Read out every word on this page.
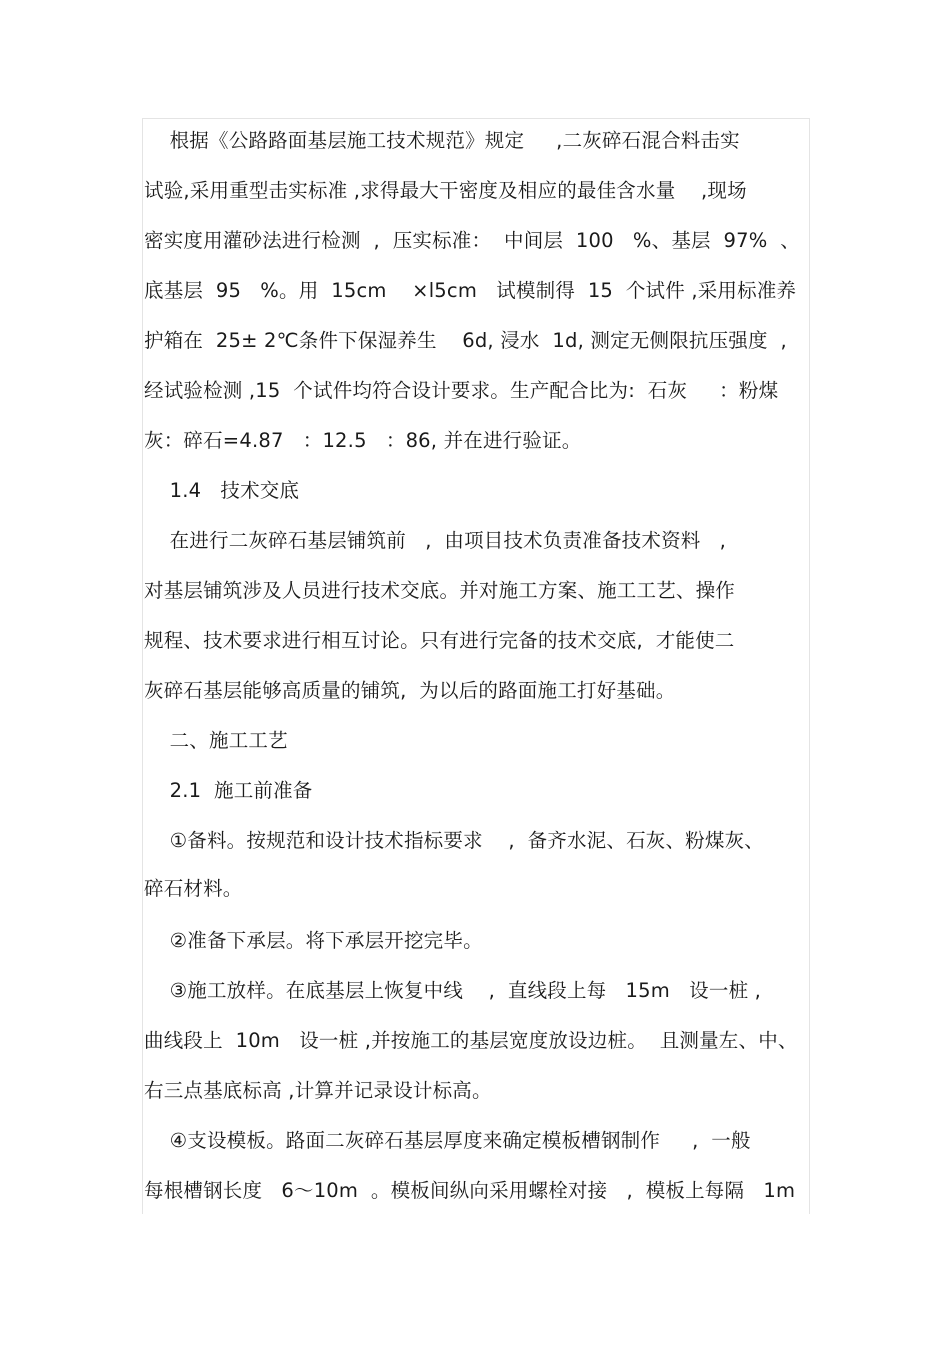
根据《公路路面基层施工技术规范》规定     ,二灰碎石混合料击实
试验,采用重型击实标准 ,求得最大干密度及相应的最佳含水量    ,现场
密实度用灌砂法进行检测  ,  压实标准：  中间层  100   %、基层  97%  、
底基层  95   %。用  15cm    ×l5cm   试模制得  15  个试件 ,采用标准养
护箱在  25± 2℃条件下保湿养生    6d, 浸水  1d, 测定无侧限抗压强度  ,
经试验检测 ,15  个试件均符合设计要求。生产配合比为:  石灰     ：粉煤
灰：碎石=4.87   ：12.5   ：86, 并在进行验证。
1.4   技术交底
在进行二灰碎石基层铺筑前   ,  由项目技术负责准备技术资料   ,
对基层铺筑涉及人员进行技术交底。并对施工方案、施工工艺、操作
规程、技术要求进行相互讨论。只有进行完备的技术交底,  才能使二
灰碎石基层能够高质量的铺筑,  为以后的路面施工打好基础。
二、施工工艺
2.1  施工前准备
①备料。按规范和设计技术指标要求    ,  备齐水泥、石灰、粉煤灰、
碎石材料。
②准备下承层。将下承层开挖完毕。
③施工放样。在底基层上恢复中线    ,  直线段上每   15m   设一桩 ,
曲线段上  10m   设一桩 ,并按施工的基层宽度放设边桩。  且测量左、中、
右三点基底标高 ,计算并记录设计标高。
④支设模板。路面二灰碎石基层厚度来确定模板槽钢制作     ,  一般
每根槽钢长度   6～10m  。模板间纵向采用螺栓对接   ,  模板上每隔   1m
